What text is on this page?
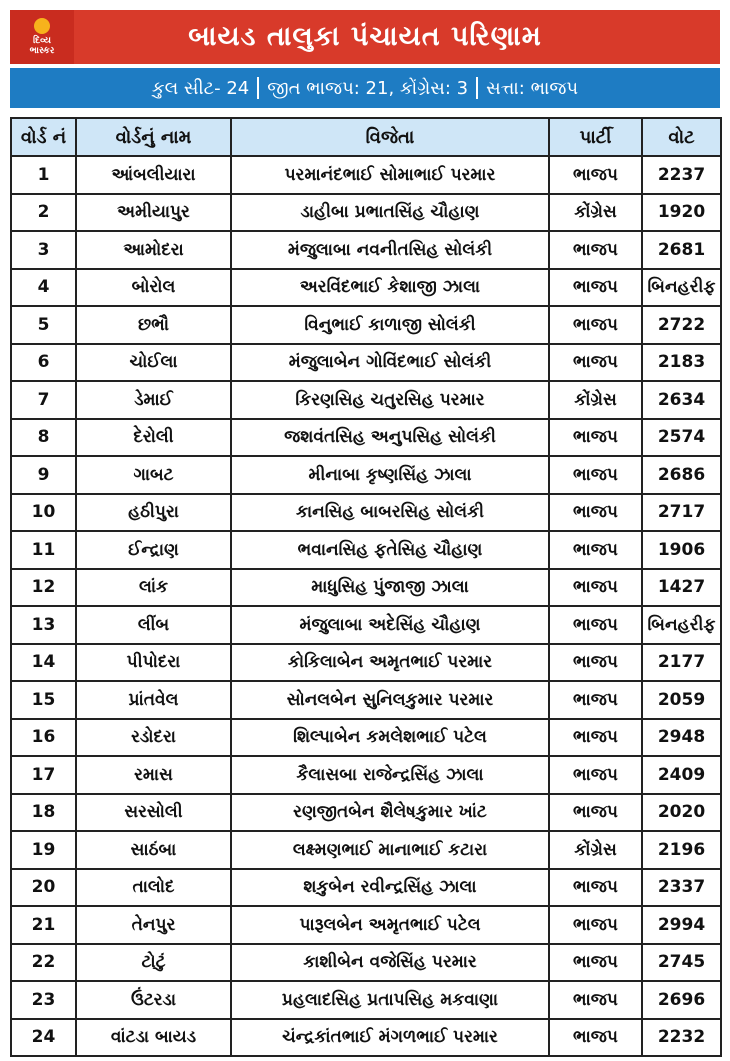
દિવ્ય
ભાસ્કર	બાયડ તાલુકા પંચાયત પરિણામ
કુલ સીટ- 24 જીત ભાજપ: 21, કોંગ્રેસ: 3 સત્તા: ભાજપ
વોર્ડ નં	વોર્ડનું નામ	વિજેતા	પાર્ટી	વોટ
1	આંબલીયારા	પરમાનંદભાઈ સોમાભાઈ પરમાર	ભાજપ	2237
2	અમીયાપુર	ડાહીબા પ્રભાતસિંહ ચૌહાણ	કોંગ્રેસ	1920
3	આમોદરા	મંજુલાબા નવનીતસિહ સોલંકી	ભાજપ	2681
4	બોરોલ	અરવિંદભાઈ કેશાજી ઝાલા	ભાજપ	બિનહરીફ
5	છભૌ	વિનુભાઈ કાળાજી સોલંકી	ભાજપ	2722
6	ચોઈલા	મંજુલાબેન ગોવિંદભાઈ સોલંકી	ભાજપ	2183
7	ડેમાઈ	કિરણસિહ ચતુરસિહ પરમાર	કોંગ્રેસ	2634
8	દેરોલી	જશવંતસિહ અનુપસિહ સોલંકી	ભાજપ	2574
9	ગાબટ	મીનાબા કૃષ્ણસિંહ ઝાલા	ભાજપ	2686
10	હઠીપુરા	કાનસિહ બાબરસિહ સોલંકી	ભાજપ	2717
11	ઈન્દ્રાણ	ભવાનસિહ ફતેસિહ ચૌહાણ	ભાજપ	1906
12	લાંક	માધુસિહ પુંજાજી ઝાલા	ભાજપ	1427
13	લીંબ	મંજુલાબા અદેસિંહ ચૌહાણ	ભાજપ	બિનહરીફ
14	પીપોદરા	કોકિલાબેન અમૃતભાઈ પરમાર	ભાજપ	2177
15	પ્રાંતવેલ	સોનલબેન સુનિલકુમાર પરમાર	ભાજપ	2059
16	રડોદરા	શિલ્પાબેન કમલેશભાઈ પટેલ	ભાજપ	2948
17	રમાસ	કૈલાસબા રાજેન્દ્રસિંહ ઝાલા	ભાજપ	2409
18	સરસોલી	રણજીતબેન શૈલેષકુમાર ખાંટ	ભાજપ	2020
19	સાઠંબા	લક્ષ્મણભાઈ માનાભાઈ કટારા	કોંગ્રેસ	2196
20	તાલોદ	શકુબેન રવીન્દ્રસિંહ ઝાલા	ભાજપ	2337
21	તેનપુર	પારૂલબેન અમૃતભાઈ પટેલ	ભાજપ	2994
22	ટોટું	કાશીબેન વજેસિંહ પરમાર	ભાજપ	2745
23	ઉંટરડા	પ્રહલાદસિહ પ્રતાપસિહ મકવાણા	ભાજપ	2696
24	વાંટડા બાયડ	ચંન્દ્રકાંતભાઈ મંગળભાઈ પરમાર	ભાજપ	2232
